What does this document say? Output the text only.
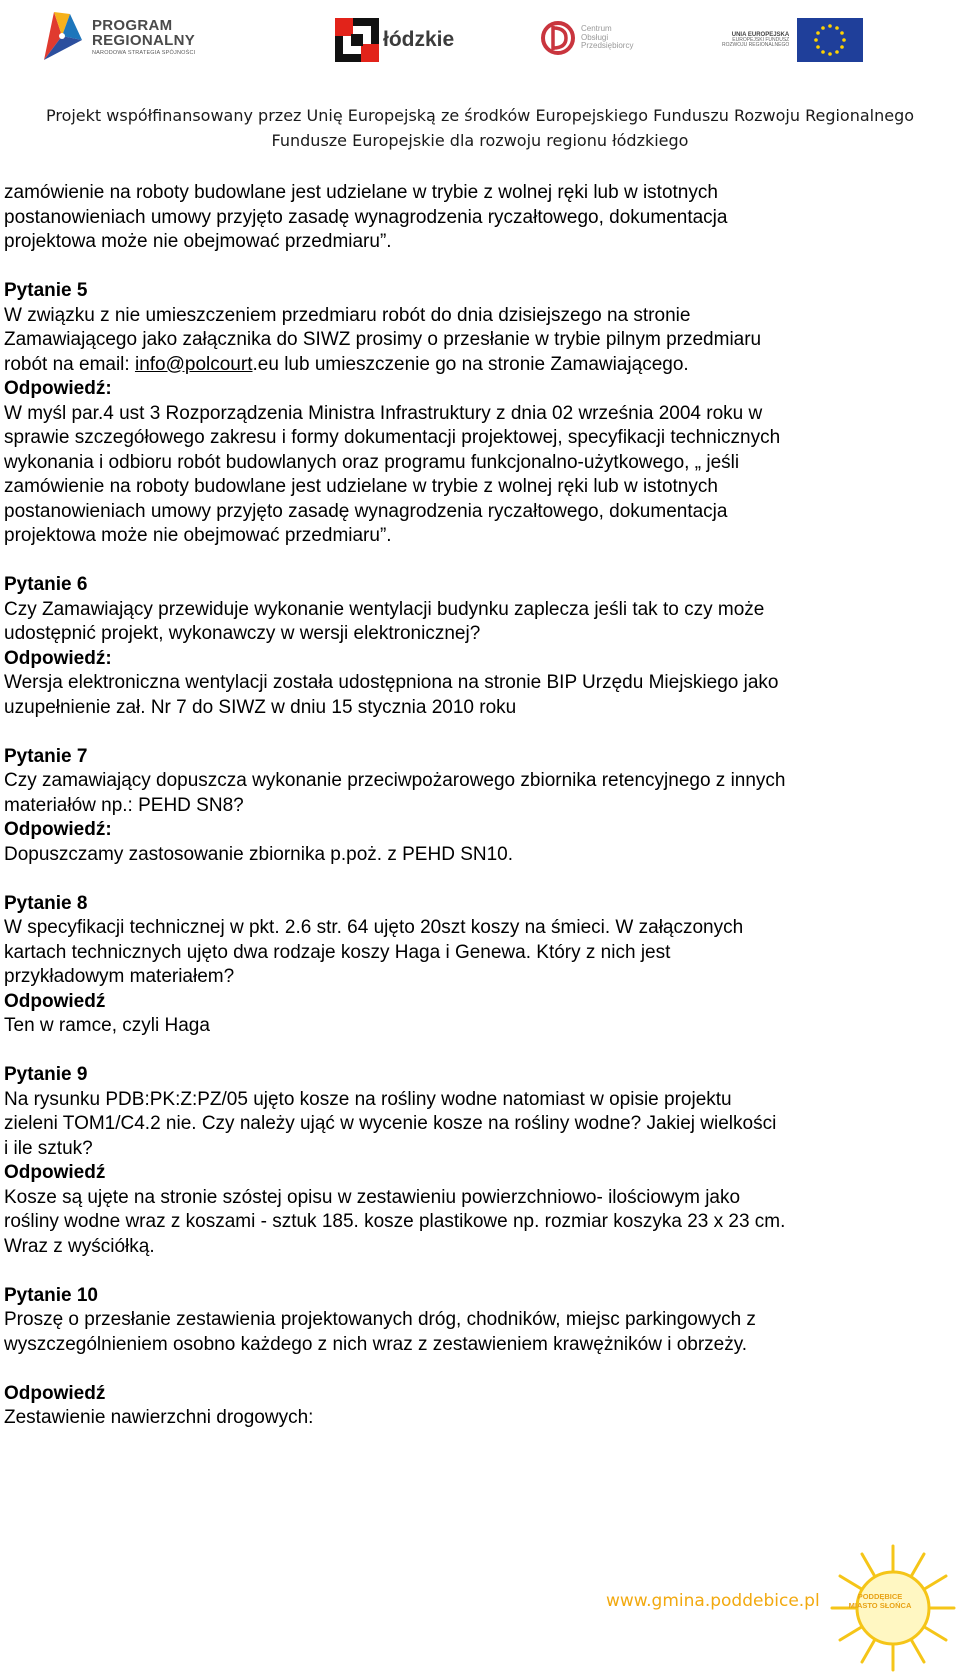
PROGRAM
REGIONALNY
NARODOWA STRATEGIA SPÓJNOŚCI
łódzkie	Centrum
Obsługi
Przedsiębiorcy
UNIA EUROPEJSKA
EUROPEJSKI FUNDUSZ
ROZWOJU REGIONALNEGO
Projekt współfinansowany przez Unię Europejską ze środków Europejskiego Funduszu Rozwoju Regionalnego
Fundusze Europejskie dla rozwoju regionu łódzkiego

zamówienie na roboty budowlane jest udzielane w trybie z wolnej ręki lub w istotnych

postanowieniach umowy przyjęto zasadę wynagrodzenia ryczałtowego, dokumentacja

projektowa może nie obejmować przedmiaru”.

Pytanie 5

W związku z nie umieszczeniem przedmiaru robót do dnia dzisiejszego na stronie

Zamawiającego jako załącznika do SIWZ prosimy o przesłanie w trybie pilnym przedmiaru

robót na email: info@polcourt.eu lub umieszczenie go na stronie Zamawiającego.

Odpowiedź:

W myśl par.4 ust 3 Rozporządzenia Ministra Infrastruktury z dnia 02 września 2004 roku w

sprawie szczegółowego zakresu i formy dokumentacji projektowej, specyfikacji technicznych

wykonania i odbioru robót budowlanych oraz programu funkcjonalno-użytkowego, „ jeśli

zamówienie na roboty budowlane jest udzielane w trybie z wolnej ręki lub w istotnych

postanowieniach umowy przyjęto zasadę wynagrodzenia ryczałtowego, dokumentacja

projektowa może nie obejmować przedmiaru”.

Pytanie 6

Czy Zamawiający przewiduje wykonanie wentylacji budynku zaplecza jeśli tak to czy może

udostępnić projekt, wykonawczy w wersji elektronicznej?

Odpowiedź:

Wersja elektroniczna wentylacji została udostępniona na stronie BIP Urzędu Miejskiego jako

uzupełnienie zał. Nr 7 do SIWZ w dniu 15 stycznia 2010 roku

Pytanie 7

Czy zamawiający dopuszcza wykonanie przeciwpożarowego zbiornika retencyjnego z innych

materiałów np.: PEHD SN8?

Odpowiedź:

Dopuszczamy zastosowanie zbiornika p.poż. z PEHD SN10.

Pytanie 8

W specyfikacji technicznej w pkt. 2.6 str. 64 ujęto 20szt koszy na śmieci. W załączonych

kartach technicznych ujęto dwa rodzaje koszy Haga i Genewa. Który z nich jest

przykładowym materiałem?

Odpowiedź

Ten w ramce, czyli Haga

Pytanie 9

Na rysunku PDB:PK:Z:PZ/05 ujęto kosze na rośliny wodne natomiast w opisie projektu

zieleni TOM1/C4.2 nie. Czy należy ująć w wycenie kosze na rośliny wodne? Jakiej wielkości

i ile sztuk?

Odpowiedź

Kosze są ujęte na stronie szóstej opisu w zestawieniu powierzchniowo- ilościowym jako

rośliny wodne wraz z koszami - sztuk 185. kosze plastikowe np. rozmiar koszyka 23 x 23 cm.

Wraz z wyściółką.

Pytanie 10

Proszę o przesłanie zestawienia projektowanych dróg, chodników, miejsc parkingowych z

wyszczególnieniem osobno każdego z nich wraz z zestawieniem krawężników i obrzeży.

Odpowiedź

Zestawienie nawierzchni drogowych:

www.gmina.poddebice.pl	PODDĘBICE
MIASTO SŁOŃCA
